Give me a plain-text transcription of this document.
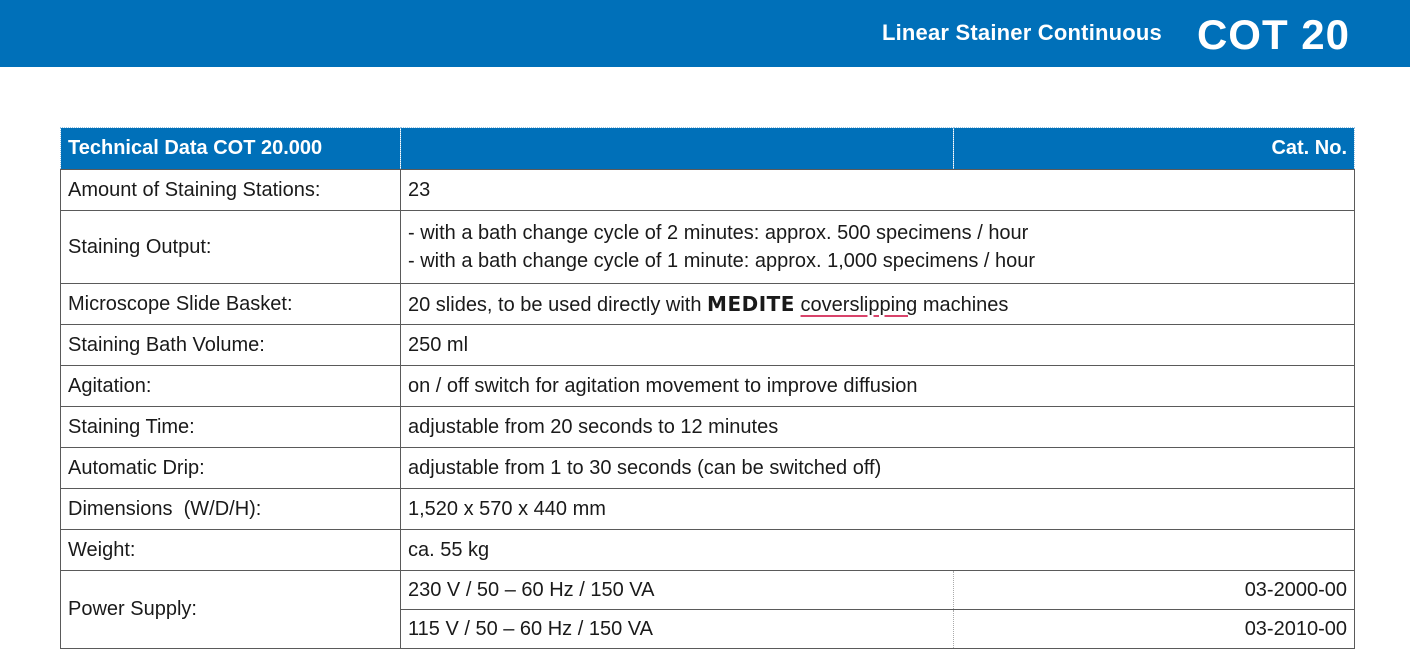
Linear Stainer Continuous COT 20
Technical Data COT 20.000		Cat. No.
Amount of Staining Stations:	23	
Staining Output:	- with a bath change cycle of 2 minutes: approx. 500 specimens / hour
- with a bath change cycle of 1 minute: approx. 1,000 specimens / hour	

Microscope Slide Basket:	20 slides, to be used directly with MEDITE coverslipping machines	
Staining Bath Volume:	250 ml	
Agitation:	on / off switch for agitation movement to improve diffusion	
Staining Time:	adjustable from 20 seconds to 12 minutes	
Automatic Drip:	adjustable from 1 to 30 seconds (can be switched off)	
Dimensions  (W/D/H):	1,520 x 570 x 440 mm	
Weight:	ca. 55 kg	
Power Supply:	230 V / 50 – 60 Hz / 150 VA	03-2000-00
	115 V / 50 – 60 Hz / 150 VA	03-2010-00
